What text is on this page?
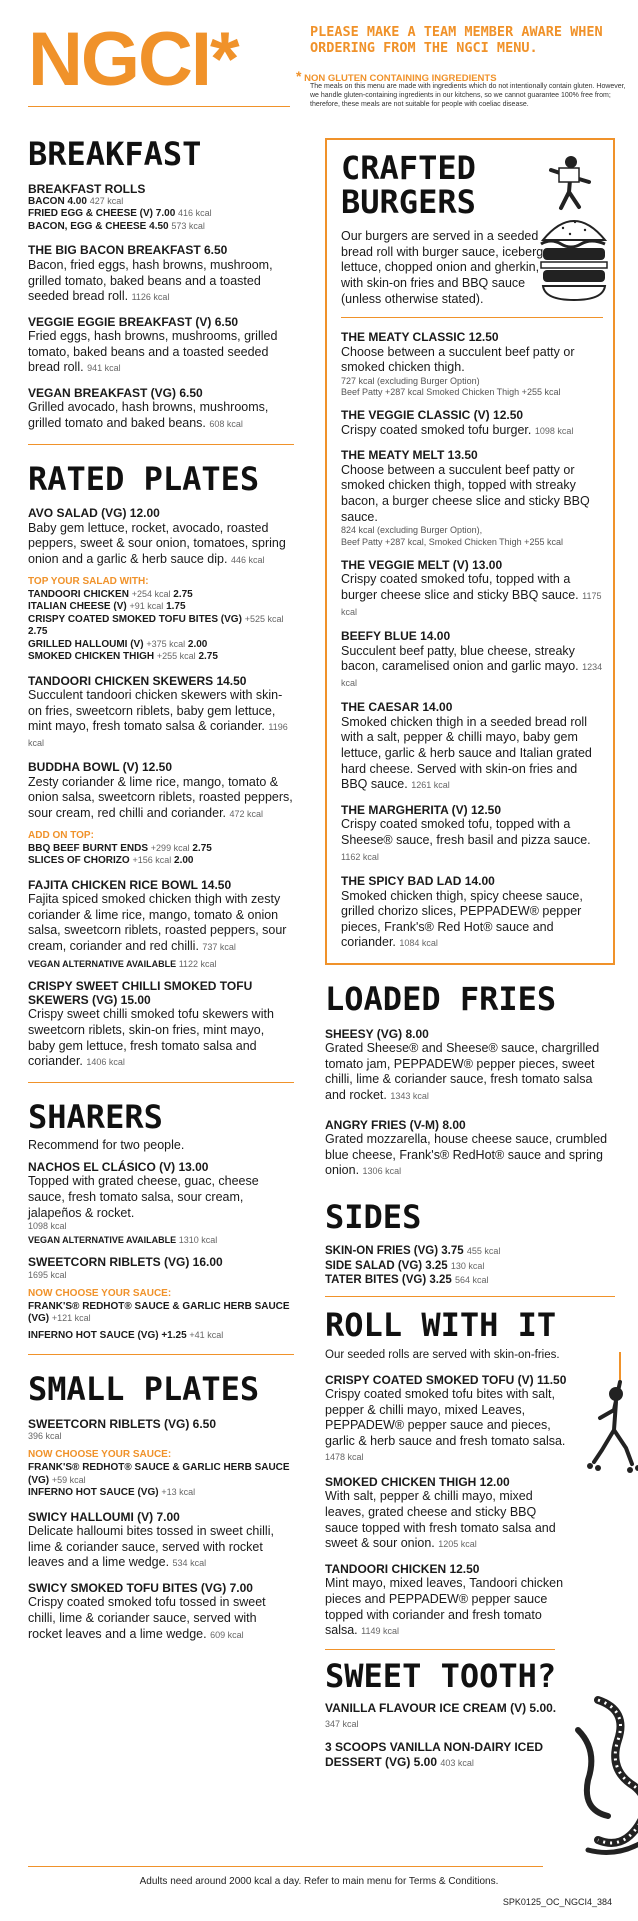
NGCI*	PLEASE MAKE A TEAM MEMBER AWARE WHEN ORDERING FROM THE NGCI MENU.
* NON GLUTEN CONTAINING INGREDIENTS
The meals on this menu are made with ingredients which do not intentionally contain gluten. However, we handle gluten-containing ingredients in our kitchens, so we cannot guarantee 100% free from; therefore, these meals are not suitable for people with coeliac disease.
BREAKFAST
BREAKFAST ROLLS
BACON 4.00 427 kcal
FRIED EGG & CHEESE (V) 7.00 416 kcal
BACON, EGG & CHEESE 4.50 573 kcal
THE BIG BACON BREAKFAST 6.50
Bacon, fried eggs, hash browns, mushroom, grilled tomato, baked beans and a toasted seeded bread roll. 1126 kcal
VEGGIE EGGIE BREAKFAST (V) 6.50
Fried eggs, hash browns, mushrooms, grilled tomato, baked beans and a toasted seeded bread roll. 941 kcal
VEGAN BREAKFAST (VG) 6.50
Grilled avocado, hash browns, mushrooms, grilled tomato and baked beans. 608 kcal
RATED PLATES
AVO SALAD (VG) 12.00
Baby gem lettuce, rocket, avocado, roasted peppers, sweet & sour onion, tomatoes, spring onion and a garlic & herb sauce dip. 446 kcal
TOP YOUR SALAD WITH:
TANDOORI CHICKEN +254 kcal 2.75
ITALIAN CHEESE (V) +91 kcal 1.75
CRISPY COATED SMOKED TOFU BITES (VG) +525 kcal 2.75
GRILLED HALLOUMI (V) +375 kcal 2.00
SMOKED CHICKEN THIGH +255 kcal 2.75
TANDOORI CHICKEN SKEWERS 14.50
Succulent tandoori chicken skewers with skin-on fries, sweetcorn riblets, baby gem lettuce, mint mayo, fresh tomato salsa & coriander. 1196 kcal
BUDDHA BOWL (V) 12.50
Zesty coriander & lime rice, mango, tomato & onion salsa, sweetcorn riblets, roasted peppers, sour cream, red chilli and coriander. 472 kcal
ADD ON TOP:
BBQ BEEF BURNT ENDS +299 kcal 2.75
SLICES OF CHORIZO +156 kcal 2.00
FAJITA CHICKEN RICE BOWL 14.50
Fajita spiced smoked chicken thigh with zesty coriander & lime rice, mango, tomato & onion salsa, sweetcorn riblets, roasted peppers, sour cream, coriander and red chilli. 737 kcal
VEGAN ALTERNATIVE AVAILABLE 1122 kcal
CRISPY SWEET CHILLI SMOKED TOFU SKEWERS (VG) 15.00
Crispy sweet chilli smoked tofu skewers with sweetcorn riblets, skin-on fries, mint mayo, baby gem lettuce, fresh tomato salsa and coriander. 1406 kcal
SHARERS
Recommend for two people.
NACHOS EL CLÁSICO (V) 13.00
Topped with grated cheese, guac, cheese sauce, fresh tomato salsa, sour cream, jalapeños & rocket.
1098 kcal
VEGAN ALTERNATIVE AVAILABLE 1310 kcal
SWEETCORN RIBLETS (VG) 16.00
1695 kcal
NOW CHOOSE YOUR SAUCE:
FRANK'S® REDHOT® SAUCE & GARLIC HERB SAUCE (VG) +121 kcal
INFERNO HOT SAUCE (VG) +1.25 +41 kcal
SMALL PLATES
SWEETCORN RIBLETS (VG) 6.50
396 kcal
NOW CHOOSE YOUR SAUCE:
FRANK'S® REDHOT® SAUCE & GARLIC HERB SAUCE (VG) +59 kcal
INFERNO HOT SAUCE (VG) +13 kcal
SWICY HALLOUMI (V) 7.00
Delicate halloumi bites tossed in sweet chilli, lime & coriander sauce, served with rocket leaves and a lime wedge. 534 kcal
SWICY SMOKED TOFU BITES (VG) 7.00
Crispy coated smoked tofu tossed in sweet chilli, lime & coriander sauce, served with rocket leaves and a lime wedge. 609 kcal
CRAFTED
BURGERS
Our burgers are served in a seeded bread roll with burger sauce, iceberg lettuce, chopped onion and gherkin, with skin-on fries and BBQ sauce (unless otherwise stated).
THE MEATY CLASSIC 12.50
Choose between a succulent beef patty or smoked chicken thigh.
727 kcal (excluding Burger Option)
Beef Patty +287 kcal Smoked Chicken Thigh +255 kcal
THE VEGGIE CLASSIC (V) 12.50
Crispy coated smoked tofu burger. 1098 kcal
THE MEATY MELT 13.50
Choose between a succulent beef patty or smoked chicken thigh, topped with streaky bacon, a burger cheese slice and sticky BBQ sauce.
824 kcal (excluding Burger Option),
Beef Patty +287 kcal, Smoked Chicken Thigh +255 kcal
THE VEGGIE MELT (V) 13.00
Crispy coated smoked tofu, topped with a burger cheese slice and sticky BBQ sauce. 1175 kcal
BEEFY BLUE 14.00
Succulent beef patty, blue cheese, streaky bacon, caramelised onion and garlic mayo. 1234 kcal
THE CAESAR 14.00
Smoked chicken thigh in a seeded bread roll with a salt, pepper & chilli mayo, baby gem lettuce, garlic & herb sauce and Italian grated hard cheese. Served with skin-on fries and BBQ sauce. 1261 kcal
THE MARGHERITA (V) 12.50
Crispy coated smoked tofu, topped with a Sheese® sauce, fresh basil and pizza sauce. 1162 kcal
THE SPICY BAD LAD 14.00
Smoked chicken thigh, spicy cheese sauce, grilled chorizo slices, PEPPADEW® pepper pieces, Frank's® Red Hot® sauce and coriander. 1084 kcal
LOADED FRIES
SHEESY (VG) 8.00
Grated Sheese® and Sheese® sauce, chargrilled tomato jam, PEPPADEW® pepper pieces, sweet chilli, lime & coriander sauce, fresh tomato salsa and rocket. 1343 kcal
ANGRY FRIES (V-M) 8.00
Grated mozzarella, house cheese sauce, crumbled blue cheese, Frank's® RedHot® sauce and spring onion. 1306 kcal
SIDES
SKIN-ON FRIES (VG) 3.75 455 kcal
SIDE SALAD (VG) 3.25 130 kcal
TATER BITES (VG) 3.25 564 kcal
ROLL WITH IT
Our seeded rolls are served with skin-on-fries.
CRISPY COATED SMOKED TOFU (V) 11.50
Crispy coated smoked tofu bites with salt, pepper & chilli mayo, mixed Leaves, PEPPADEW® pepper sauce and pieces, garlic & herb sauce and fresh tomato salsa. 1478 kcal
SMOKED CHICKEN THIGH 12.00
With salt, pepper & chilli mayo, mixed leaves, grated cheese and sticky BBQ sauce topped with fresh tomato salsa and sweet & sour onion. 1205 kcal
TANDOORI CHICKEN 12.50
Mint mayo, mixed leaves, Tandoori chicken pieces and PEPPADEW® pepper sauce topped with coriander and fresh tomato salsa. 1149 kcal
SWEET TOOTH?
VANILLA FLAVOUR ICE CREAM (V) 5.00. 347 kcal
3 SCOOPS VANILLA NON-DAIRY ICED DESSERT (VG) 5.00 403 kcal
Adults need around 2000 kcal a day. Refer to main menu for Terms & Conditions.
SPK0125_OC_NGCI4_384
